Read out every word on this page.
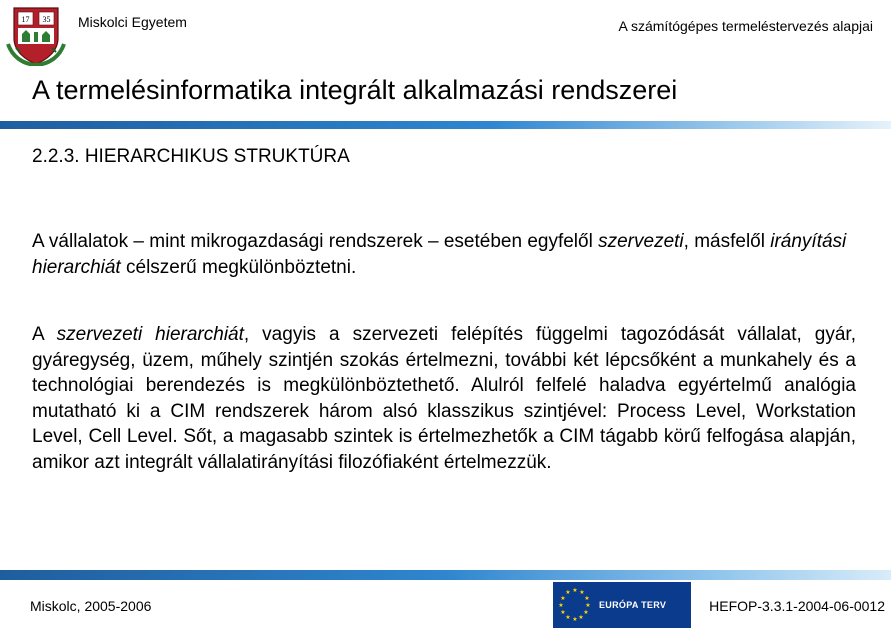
17 35 Miskolci Egyetem	A számítógépes termeléstervezés alapjai
A termelésinformatika integrált alkalmazási rendszerei
2.2.3. HIERARCHIKUS STRUKTÚRA

A vállalatok – mint mikrogazdasági rendszerek – esetében egyfelől szervezeti, másfelől irányítási hierarchiát célszerű megkülönböztetni.

A szervezeti hierarchiát, vagyis a szervezeti felépítés függelmi tagozódását vállalat, gyár, gyáregység, üzem, műhely szintjén szokás értelmezni, további két lépcsőként a munkahely és a technológiai berendezés is megkülönböztethető. Alulról felfelé haladva egyértelmű analógia mutatható ki a CIM rendszerek három alsó klasszikus szintjével: Process Level, Workstation Level, Cell Level. Sőt, a magasabb szintek is értelmezhetők a CIM tágabb körű felfogása alapján, amikor azt integrált vállalatirányítási filozófiaként értelmezzük.

Miskolc, 2005-2006
★ ★
★
★
★
★
★
★
★
★
★
★
EURÓPA TERV	HEFOP-3.3.1-2004-06-0012
